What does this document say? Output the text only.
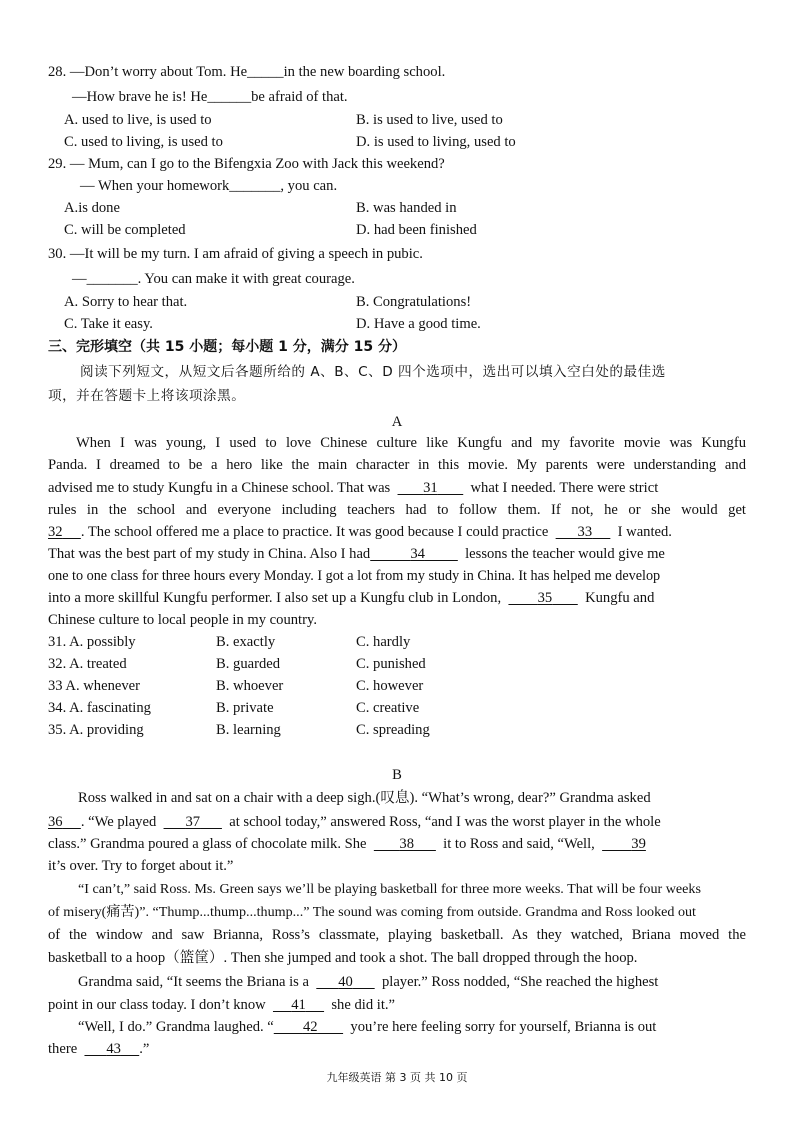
28. —Don’t worry about Tom. He_____in the new boarding school.
—How brave he is! He______be afraid of that.
A. used to live, is used to	B. is used to live, used to
C. used to living, is used to	D. is used to living, used to
29. — Mum, can I go to the Bifengxia Zoo with Jack this weekend?
— When your homework_______, you can.
A.is done	B. was handed in
C. will be completed	D. had been finished
30. —It will be my turn. I am afraid of giving a speech in pubic.
—_______. You can make it with great courage.
A. Sorry to hear that.	B. Congratulations!
C. Take it easy.	D. Have a good time.
三、完形填空（共 15 小题；每小题 1 分，满分 15 分）
阅读下列短文，从短文后各题所给的 A、B、C、D 四个选项中，选出可以填入空白处的最佳选
项，并在答题卡上将该项涂黑。
A
When I was young, I used to love Chinese culture like Kungfu and my favorite movie was Kungfu
Panda. I dreamed to be a hero like the main character in this movie. My parents were understanding and
advised me to study Kungfu in a Chinese school. That was 31 what I needed. There were strict
rules in the school and everyone including teachers had to follow them. If not, he or she would get
32 . The school offered me a place to practice. It was good because I could practice 33 I wanted.
That was the best part of my study in China. Also I had	34	lessons the teacher would give me
one to one class for three hours every Monday. I got a lot from my study in China. It has helped me develop
into a more skillful Kungfu performer. I also set up a Kungfu club in London, 35 Kungfu and
Chinese culture to local people in my country.
31. A. possibly	B. exactly	C. hardly
32. A. treated	B. guarded	C. punished
33 A. whenever	B. whoever	C. however
34. A. fascinating	B. private	C. creative
35. A. providing	B. learning	C. spreading
B
Ross walked in and sat on a chair with a deep sigh.(叹息). “What’s wrong, dear?” Grandma asked
36 . “We played 37 at school today,” answered Ross, “and I was the worst player in the whole
class.” Grandma poured a glass of chocolate milk. She 38 it to Ross and said, “Well, 39
it’s over. Try to forget about it.”
“I can’t,” said Ross. Ms. Green says we’ll be playing basketball for three more weeks. That will be four weeks
of misery(痛苦)”. “Thump...thump...thump...” The sound was coming from outside. Grandma and Ross looked out
of the window and saw Brianna, Ross’s classmate, playing basketball. As they watched, Briana moved the
basketball to a hoop（篮筐）. Then she jumped and took a shot. The ball dropped through the hoop.
Grandma said, “It seems the Briana is a 40 player.” Ross nodded, “She reached the highest
point in our class today. I don’t know 41 she did it.”
“Well, I do.” Grandma laughed. “ 42 you’re here feeling sorry for yourself, Brianna is out
there 43 .”
九年级英语 第 3 页 共 10 页
